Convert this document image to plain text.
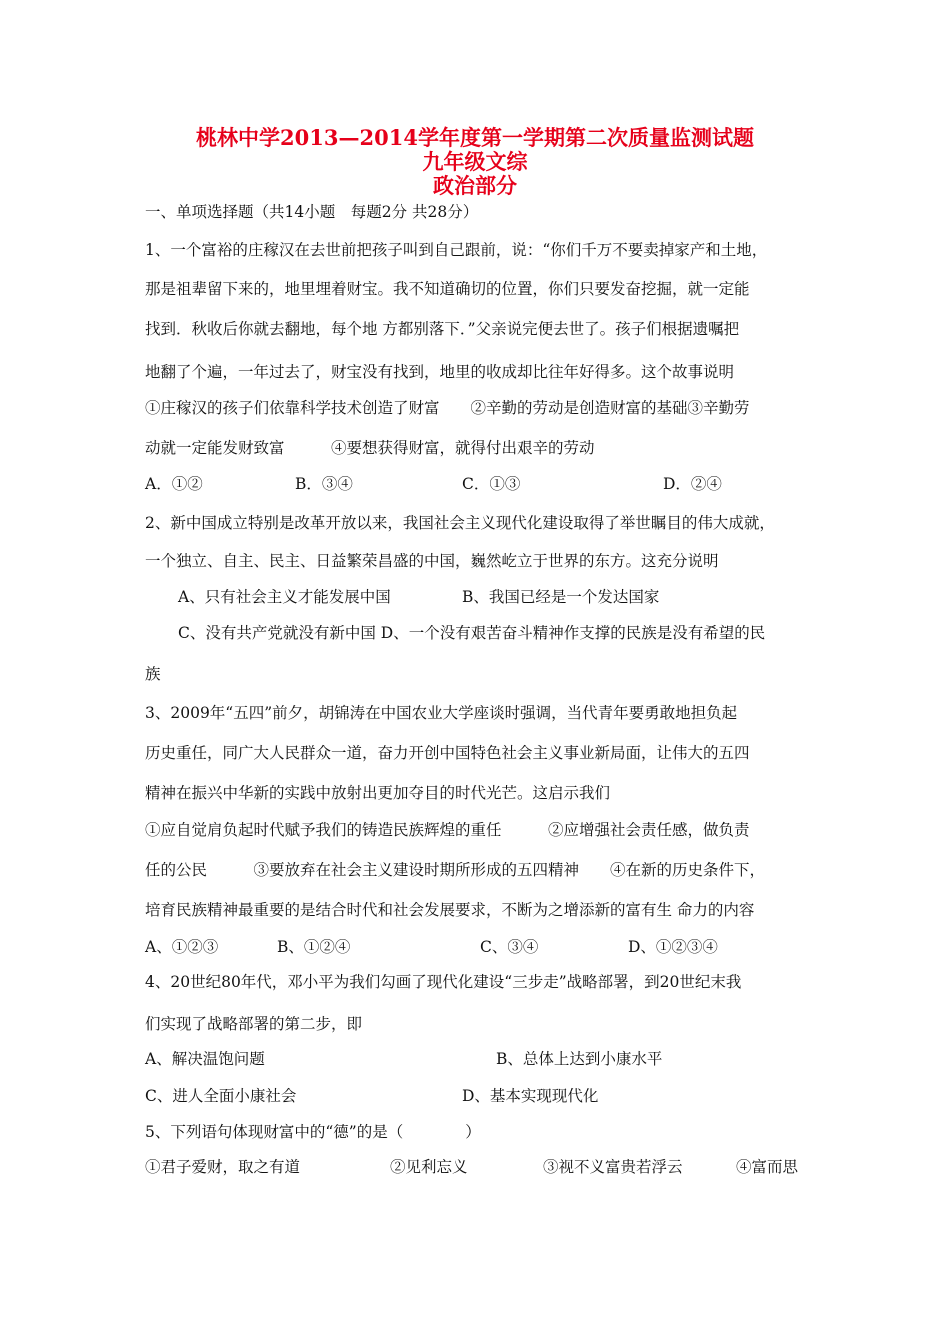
桃林中学2013—2014学年度第一学期第二次质量监测试题
九年级文综
政治部分
一、单项选择题（共14小题　每题2分 共28分）
1、一个富裕的庄稼汉在去世前把孩子叫到自己跟前，说：“你们千万不要卖掉家产和土地，
那是祖辈留下来的，地里埋着财宝。我不知道确切的位置，你们只要发奋挖掘，就一定能
找到．秋收后你就去翻地，每个地 方都别落下．”父亲说完便去世了。孩子们根据遗嘱把
地翻了个遍，一年过去了，财宝没有找到，地里的收成却比往年好得多。这个故事说明
①庄稼汉的孩子们依靠科学技术创造了财富　　②辛勤的劳动是创造财富的基础③辛勤劳
动就一定能发财致富　　　④要想获得财富，就得付出艰辛的劳动
A．①②	B．③④	C．①③	D．②④
2、新中国成立特别是改革开放以来，我国社会主义现代化建设取得了举世瞩目的伟大成就，
一个独立、自主、民主、日益繁荣昌盛的中国，巍然屹立于世界的东方。这充分说明
A、只有社会主义才能发展中国	B、我国已经是一个发达国家
C、没有共产党就没有新中国 D、一个没有艰苦奋斗精神作支撑的民族是没有希望的民
族
3、2009年“五四”前夕，胡锦涛在中国农业大学座谈时强调，当代青年要勇敢地担负起
历史重任，同广大人民群众一道，奋力开创中国特色社会主义事业新局面，让伟大的五四
精神在振兴中华新的实践中放射出更加夺目的时代光芒。这启示我们
①应自觉肩负起时代赋予我们的铸造民族辉煌的重任　　　②应增强社会责任感，做负责
任的公民　　　③要放弃在社会主义建设时期所形成的五四精神　　④在新的历史条件下，
培育民族精神最重要的是结合时代和社会发展要求，不断为之增添新的富有生 命力的内容
A、①②③	B、①②④	C、③④	D、①②③④
4、20世纪80年代，邓小平为我们勾画了现代化建设“三步走”战略部署，到20世纪末我
们实现了战略部署的第二步，即
A、解决温饱问题	B、总体上达到小康水平
C、进人全面小康社会	D、基本实现现代化
5、下列语句体现财富中的“德”的是（　　　　）
①君子爱财，取之有道	②见利忘义	③视不义富贵若浮云	④富而思
